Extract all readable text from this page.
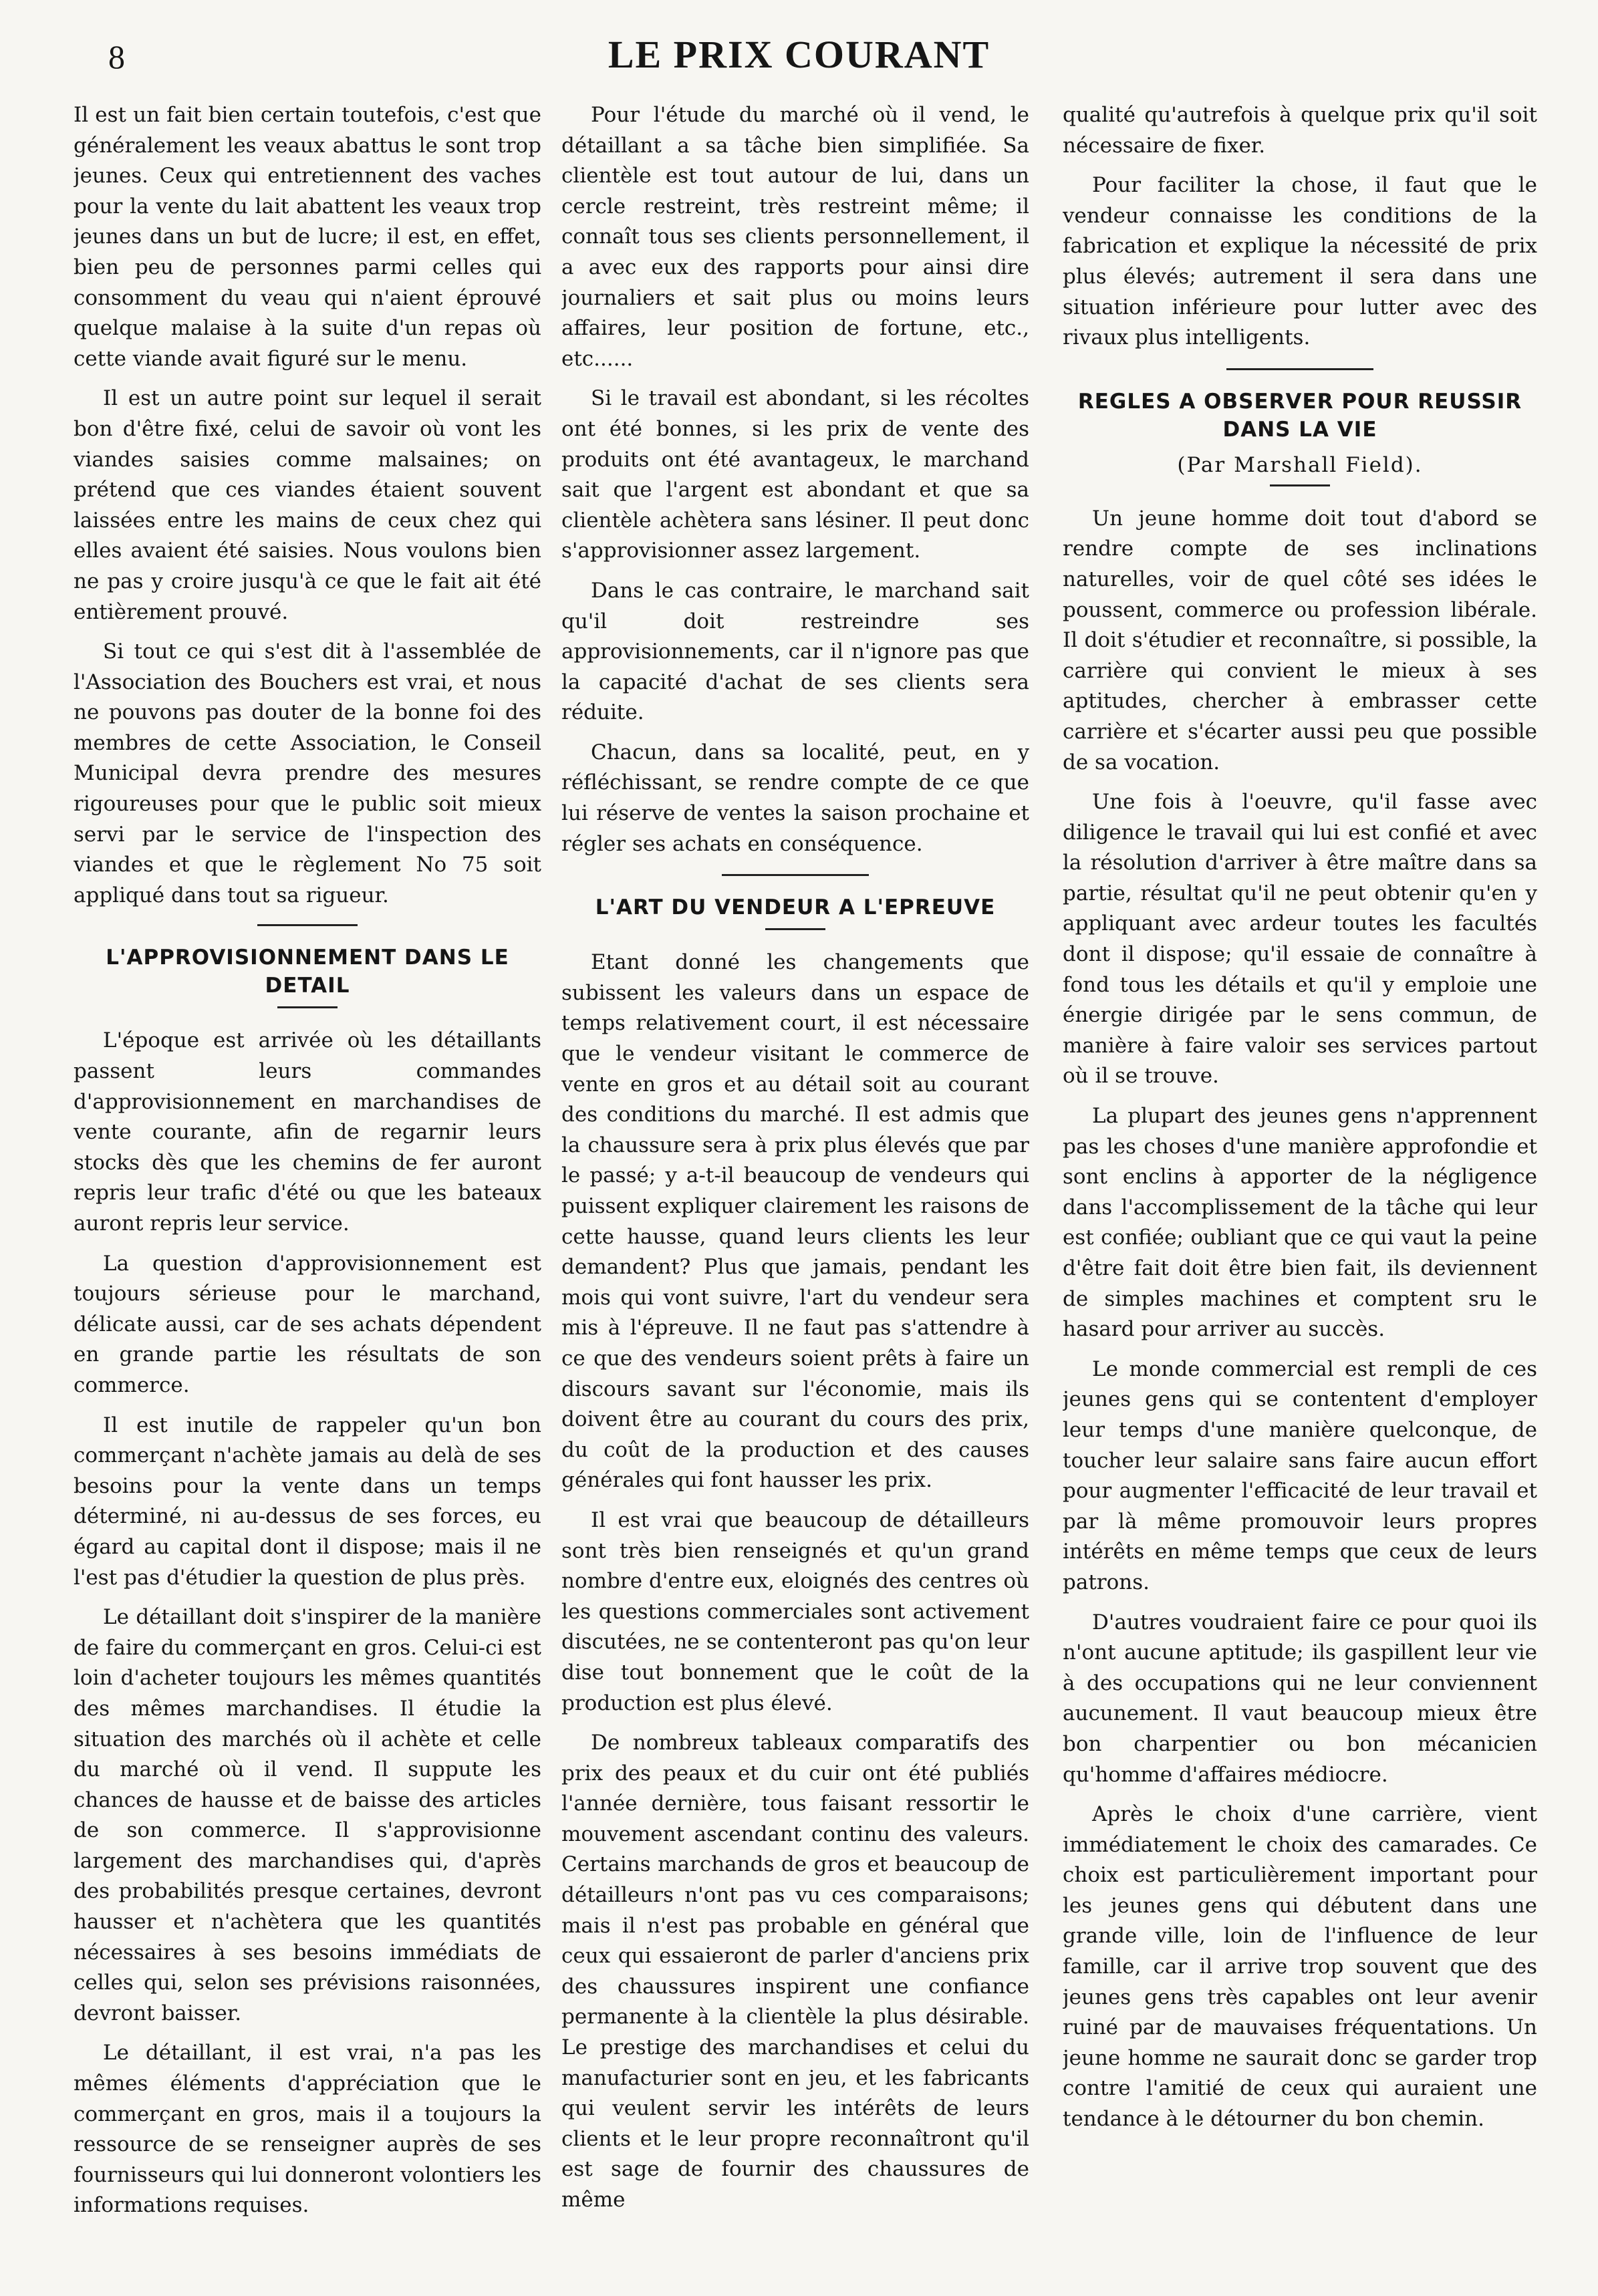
8	LE PRIX COURANT

Il est un fait bien certain toutefois, c'est que généralement les veaux abattus le sont trop jeunes. Ceux qui entretiennent des vaches pour la vente du lait abattent les veaux trop jeunes dans un but de lucre; il est, en effet, bien peu de personnes parmi celles qui consomment du veau qui n'aient éprouvé quelque malaise à la suite d'un repas où cette viande avait figuré sur le menu.

Il est un autre point sur lequel il serait bon d'être fixé, celui de savoir où vont les viandes saisies comme malsaines; on prétend que ces viandes étaient souvent laissées entre les mains de ceux chez qui elles avaient été saisies. Nous voulons bien ne pas y croire jusqu'à ce que le fait ait été entièrement prouvé.

Si tout ce qui s'est dit à l'assemblée de l'Association des Bouchers est vrai, et nous ne pouvons pas douter de la bonne foi des membres de cette Association, le Conseil Municipal devra prendre des mesures rigoureuses pour que le public soit mieux servi par le service de l'inspection des viandes et que le règlement No 75 soit appliqué dans tout sa rigueur.

L'APPROVISIONNEMENT DANS LE DETAIL

L'époque est arrivée où les détaillants passent leurs commandes d'approvisionnement en marchandises de vente courante, afin de regarnir leurs stocks dès que les chemins de fer auront repris leur trafic d'été ou que les bateaux auront repris leur service.

La question d'approvisionnement est toujours sérieuse pour le marchand, délicate aussi, car de ses achats dépendent en grande partie les résultats de son commerce.

Il est inutile de rappeler qu'un bon commerçant n'achète jamais au delà de ses besoins pour la vente dans un temps déterminé, ni au-dessus de ses forces, eu égard au capital dont il dispose; mais il ne l'est pas d'étudier la question de plus près.

Le détaillant doit s'inspirer de la manière de faire du commerçant en gros. Celui-ci est loin d'acheter toujours les mêmes quantités des mêmes marchandises. Il étudie la situation des marchés où il achète et celle du marché où il vend. Il suppute les chances de hausse et de baisse des articles de son commerce. Il s'approvisionne largement des marchandises qui, d'après des probabilités presque certaines, devront hausser et n'achètera que les quantités nécessaires à ses besoins immédiats de celles qui, selon ses prévisions raisonnées, devront baisser.

Le détaillant, il est vrai, n'a pas les mêmes éléments d'appréciation que le commerçant en gros, mais il a toujours la ressource de se renseigner auprès de ses fournisseurs qui lui donneront volontiers les informations requises.

Pour l'étude du marché où il vend, le détaillant a sa tâche bien simplifiée. Sa clientèle est tout autour de lui, dans un cercle restreint, très restreint même; il connaît tous ses clients personnellement, il a avec eux des rapports pour ainsi dire journaliers et sait plus ou moins leurs affaires, leur position de fortune, etc., etc......

Si le travail est abondant, si les récoltes ont été bonnes, si les prix de vente des produits ont été avantageux, le marchand sait que l'argent est abondant et que sa clientèle achètera sans lésiner. Il peut donc s'approvisionner assez largement.

Dans le cas contraire, le marchand sait qu'il doit restreindre ses approvisionnements, car il n'ignore pas que la capacité d'achat de ses clients sera réduite.

Chacun, dans sa localité, peut, en y réfléchissant, se rendre compte de ce que lui réserve de ventes la saison prochaine et régler ses achats en conséquence.

L'ART DU VENDEUR A L'EPREUVE

Etant donné les changements que subissent les valeurs dans un espace de temps relativement court, il est nécessaire que le vendeur visitant le commerce de vente en gros et au détail soit au courant des conditions du marché. Il est admis que la chaussure sera à prix plus élevés que par le passé; y a-t-il beaucoup de vendeurs qui puissent expliquer clairement les raisons de cette hausse, quand leurs clients les leur demandent? Plus que jamais, pendant les mois qui vont suivre, l'art du vendeur sera mis à l'épreuve. Il ne faut pas s'attendre à ce que des vendeurs soient prêts à faire un discours savant sur l'économie, mais ils doivent être au courant du cours des prix, du coût de la production et des causes générales qui font hausser les prix.

Il est vrai que beaucoup de détailleurs sont très bien renseignés et qu'un grand nombre d'entre eux, eloignés des centres où les questions commerciales sont activement discutées, ne se contenteront pas qu'on leur dise tout bonnement que le coût de la production est plus élevé.

De nombreux tableaux comparatifs des prix des peaux et du cuir ont été publiés l'année dernière, tous faisant ressortir le mouvement ascendant continu des valeurs. Certains marchands de gros et beaucoup de détailleurs n'ont pas vu ces comparaisons; mais il n'est pas probable en général que ceux qui essaieront de parler d'anciens prix des chaussures inspirent une confiance permanente à la clientèle la plus désirable. Le prestige des marchandises et celui du manufacturier sont en jeu, et les fabricants qui veulent servir les intérêts de leurs clients et le leur propre reconnaîtront qu'il est sage de fournir des chaussures de même

qualité qu'autrefois à quelque prix qu'il soit nécessaire de fixer.

Pour faciliter la chose, il faut que le vendeur connaisse les conditions de la fabrication et explique la nécessité de prix plus élevés; autrement il sera dans une situation inférieure pour lutter avec des rivaux plus intelligents.

REGLES A OBSERVER POUR REUSSIR DANS LA VIE
(Par Marshall Field).

Un jeune homme doit tout d'abord se rendre compte de ses inclinations naturelles, voir de quel côté ses idées le poussent, commerce ou profession libérale. Il doit s'étudier et reconnaître, si possible, la carrière qui convient le mieux à ses aptitudes, chercher à embrasser cette carrière et s'écarter aussi peu que possible de sa vocation.

Une fois à l'oeuvre, qu'il fasse avec diligence le travail qui lui est confié et avec la résolution d'arriver à être maître dans sa partie, résultat qu'il ne peut obtenir qu'en y appliquant avec ardeur toutes les facultés dont il dispose; qu'il essaie de connaître à fond tous les détails et qu'il y emploie une énergie dirigée par le sens commun, de manière à faire valoir ses services partout où il se trouve.

La plupart des jeunes gens n'apprennent pas les choses d'une manière approfondie et sont enclins à apporter de la négligence dans l'accomplissement de la tâche qui leur est confiée; oubliant que ce qui vaut la peine d'être fait doit être bien fait, ils deviennent de simples machines et comptent sru le hasard pour arriver au succès.

Le monde commercial est rempli de ces jeunes gens qui se contentent d'employer leur temps d'une manière quelconque, de toucher leur salaire sans faire aucun effort pour augmenter l'efficacité de leur travail et par là même promouvoir leurs propres intérêts en même temps que ceux de leurs patrons.

D'autres voudraient faire ce pour quoi ils n'ont aucune aptitude; ils gaspillent leur vie à des occupations qui ne leur conviennent aucunement. Il vaut beaucoup mieux être bon charpentier ou bon mécanicien qu'homme d'affaires médiocre.

Après le choix d'une carrière, vient immédiatement le choix des camarades. Ce choix est particulièrement important pour les jeunes gens qui débutent dans une grande ville, loin de l'influence de leur famille, car il arrive trop souvent que des jeunes gens très capables ont leur avenir ruiné par de mauvaises fréquentations. Un jeune homme ne saurait donc se garder trop contre l'amitié de ceux qui auraient une tendance à le détourner du bon chemin.
